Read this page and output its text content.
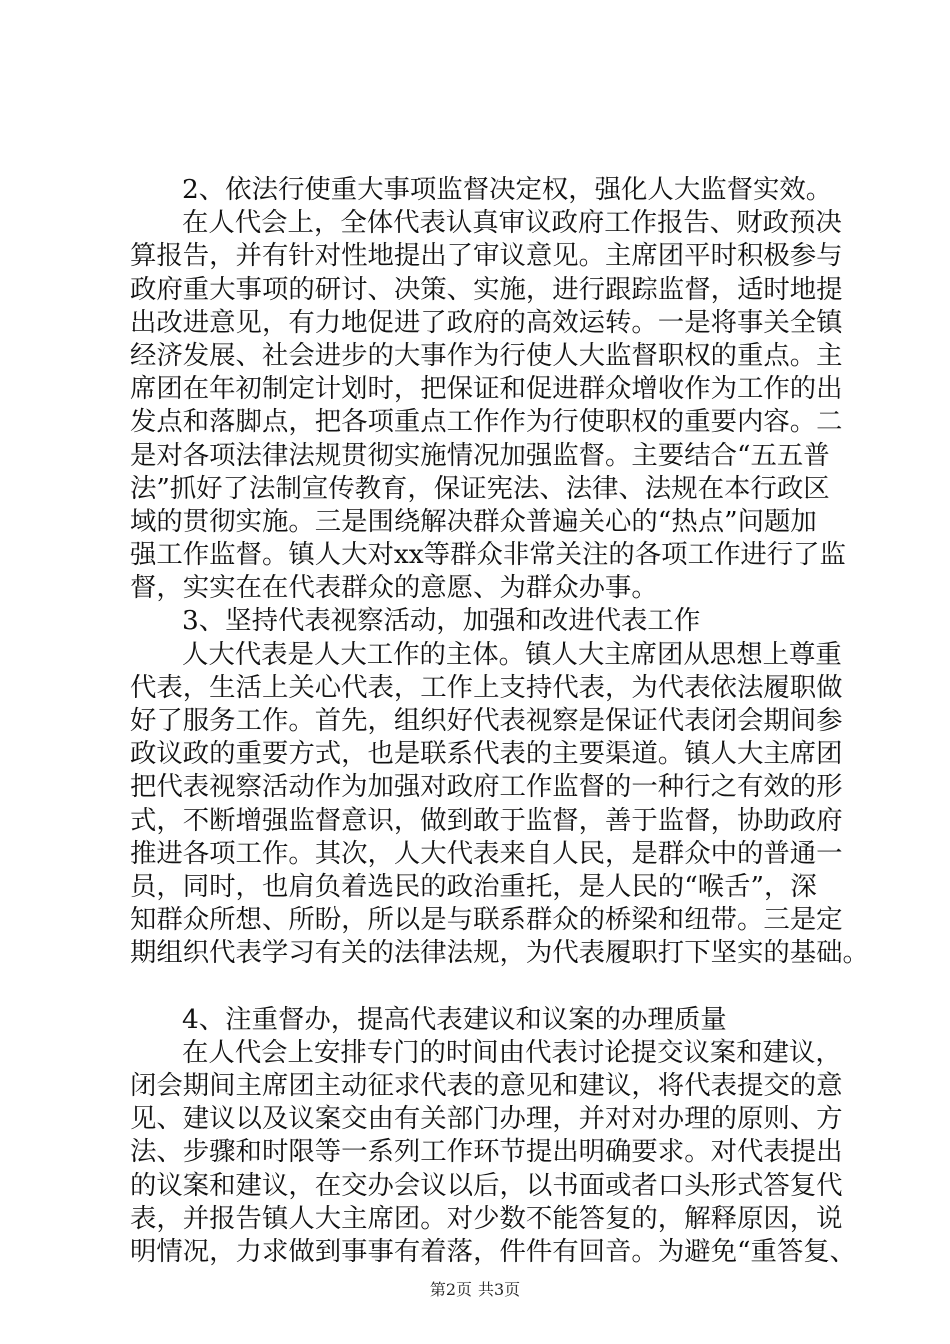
2、依法行使重大事项监督决定权，强化人大监督实效。
在人代会上，全体代表认真审议政府工作报告、财政预决
算报告，并有针对性地提出了审议意见。主席团平时积极参与
政府重大事项的研讨、决策、实施，进行跟踪监督，适时地提
出改进意见，有力地促进了政府的高效运转。一是将事关全镇
经济发展、社会进步的大事作为行使人大监督职权的重点。主
席团在年初制定计划时，把保证和促进群众增收作为工作的出
发点和落脚点，把各项重点工作作为行使职权的重要内容。二
是对各项法律法规贯彻实施情况加强监督。主要结合“五五普
法”抓好了法制宣传教育，保证宪法、法律、法规在本行政区
域的贯彻实施。三是围绕解决群众普遍关心的“热点”问题加
强工作监督。镇人大对xx等群众非常关注的各项工作进行了监
督，实实在在代表群众的意愿、为群众办事。
3、坚持代表视察活动，加强和改进代表工作
人大代表是人大工作的主体。镇人大主席团从思想上尊重
代表，生活上关心代表，工作上支持代表，为代表依法履职做
好了服务工作。首先，组织好代表视察是保证代表闭会期间参
政议政的重要方式，也是联系代表的主要渠道。镇人大主席团
把代表视察活动作为加强对政府工作监督的一种行之有效的形
式，不断增强监督意识，做到敢于监督，善于监督，协助政府
推进各项工作。其次，人大代表来自人民，是群众中的普通一
员，同时，也肩负着选民的政治重托，是人民的“喉舌”，深
知群众所想、所盼，所以是与联系群众的桥梁和纽带。三是定
期组织代表学习有关的法律法规，为代表履职打下坚实的基础。
4、注重督办，提高代表建议和议案的办理质量
在人代会上安排专门的时间由代表讨论提交议案和建议，
闭会期间主席团主动征求代表的意见和建议，将代表提交的意
见、建议以及议案交由有关部门办理，并对对办理的原则、方
法、步骤和时限等一系列工作环节提出明确要求。对代表提出
的议案和建议，在交办会议以后，以书面或者口头形式答复代
表，并报告镇人大主席团。对少数不能答复的，解释原因，说
明情况，力求做到事事有着落，件件有回音。为避免“重答复、
第2页 共3页
